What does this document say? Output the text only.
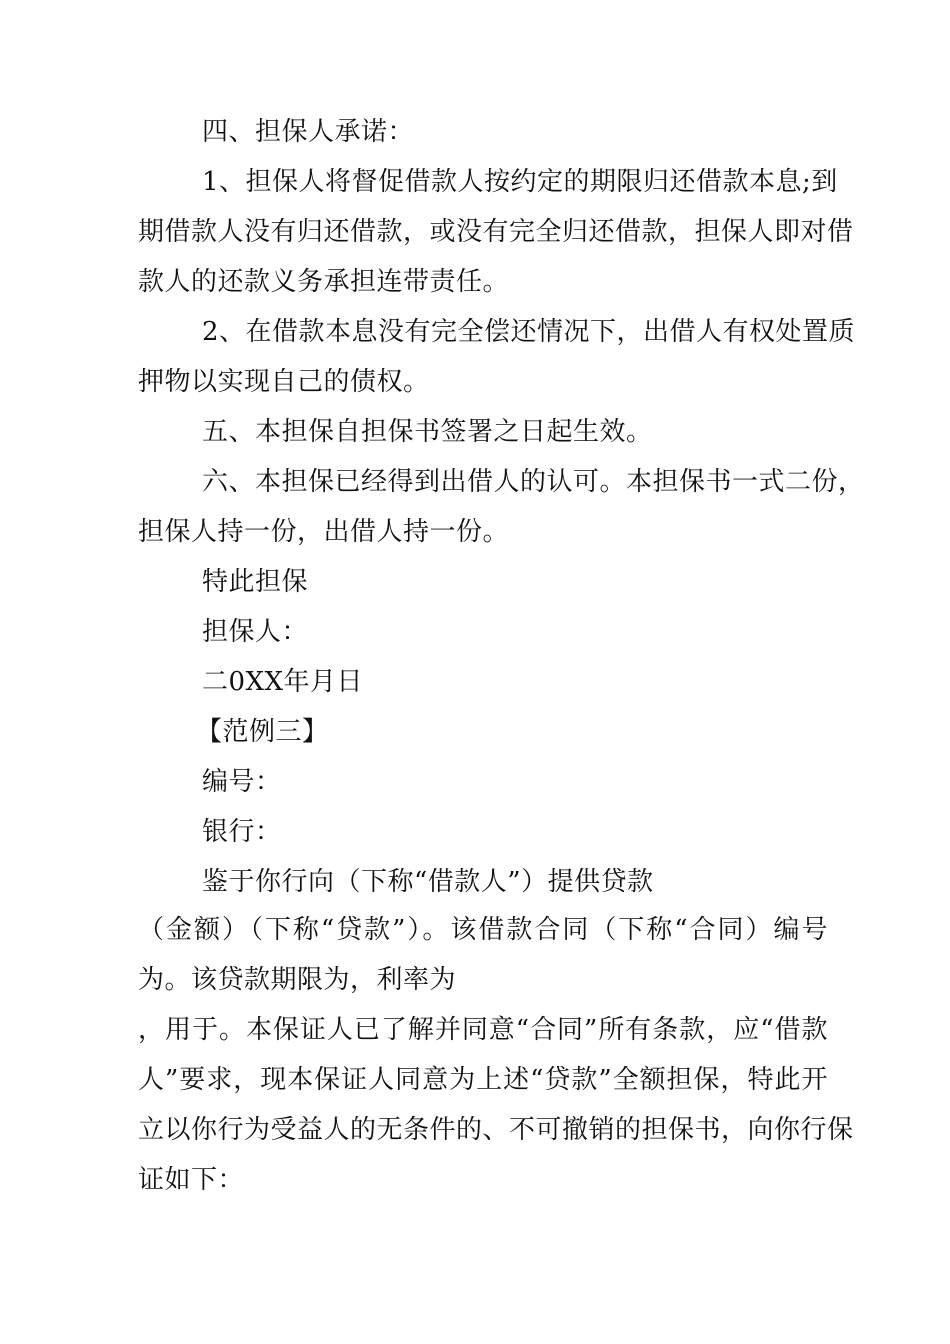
四、担保人承诺：
1、担保人将督促借款人按约定的期限归还借款本息;到
期借款人没有归还借款，或没有完全归还借款，担保人即对借
款人的还款义务承担连带责任。
2、在借款本息没有完全偿还情况下，出借人有权处置质
押物以实现自己的债权。
五、本担保自担保书签署之日起生效。
六、本担保已经得到出借人的认可。本担保书一式二份，
担保人持一份，出借人持一份。
特此担保
担保人：
二0XX年月日
【范例三】
编号：
银行：
鉴于你行向（下称“借款人”）提供贷款
（金额）（下称“贷款”）。该借款合同（下称“合同）编号
为。该贷款期限为，利率为
，用于。本保证人已了解并同意“合同”所有条款，应“借款
人”要求，现本保证人同意为上述“贷款”全额担保，特此开
立以你行为受益人的无条件的、不可撤销的担保书，向你行保
证如下：
